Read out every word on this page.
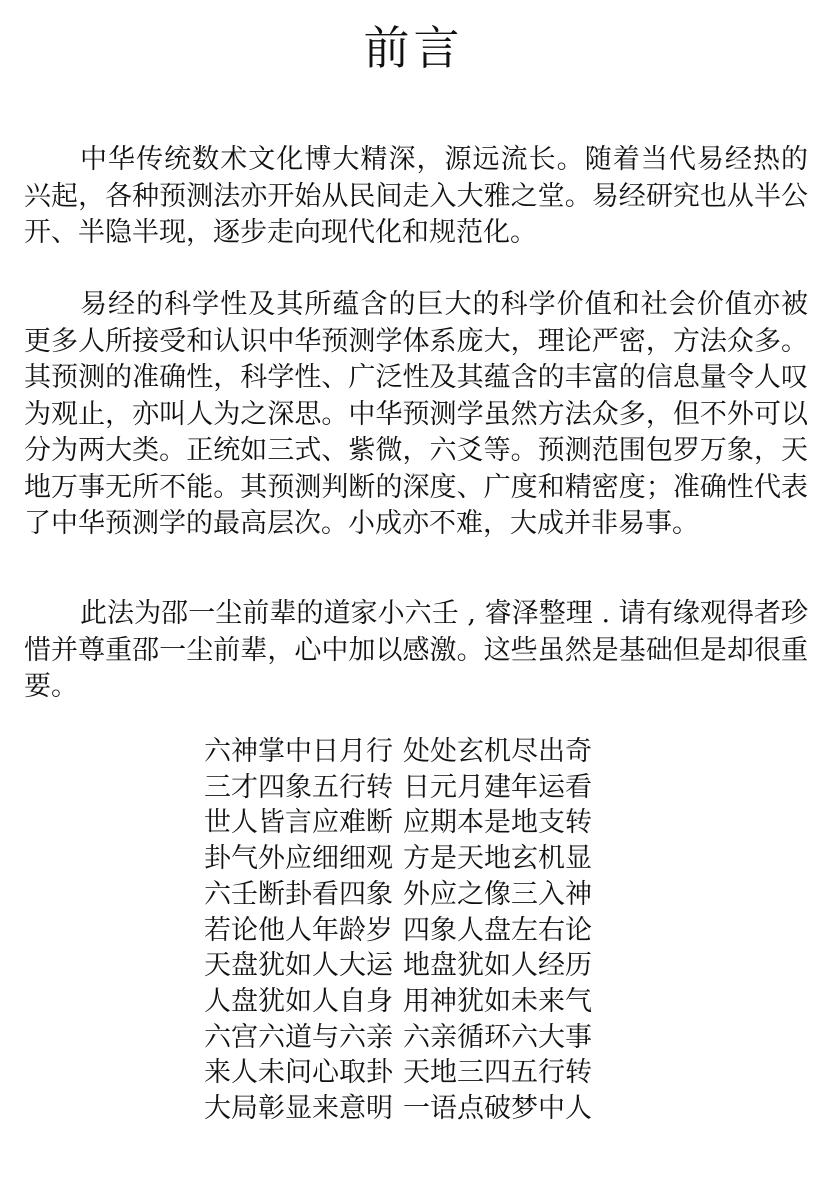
前言

中华传统数术文化博大精深，源远流长。随着当代易经热的兴起，各种预测法亦开始从民间走入大雅之堂。易经研究也从半公开、半隐半现，逐步走向现代化和规范化。

易经的科学性及其所蕴含的巨大的科学价值和社会价值亦被更多人所接受和认识中华预测学体系庞大，理论严密，方法众多。其预测的准确性，科学性、广泛性及其蕴含的丰富的信息量令人叹为观止，亦叫人为之深思。中华预测学虽然方法众多，但不外可以分为两大类。正统如三式、紫微，六爻等。预测范围包罗万象，天地万事无所不能。其预测判断的深度、广度和精密度；准确性代表了中华预测学的最高层次。小成亦不难，大成并非易事。

此法为邵一尘前辈的道家小六壬 , 睿泽整理 . 请有缘观得者珍惜并尊重邵一尘前辈，心中加以感激。这些虽然是基础但是却很重要。

六神掌中日月行 处处玄机尽出奇
三才四象五行转 日元月建年运看
世人皆言应难断 应期本是地支转
卦气外应细细观 方是天地玄机显
六壬断卦看四象 外应之像三入神
若论他人年龄岁 四象人盘左右论
天盘犹如人大运 地盘犹如人经历
人盘犹如人自身 用神犹如未来气
六宫六道与六亲 六亲循环六大事
来人未问心取卦 天地三四五行转
大局彰显来意明 一语点破梦中人
